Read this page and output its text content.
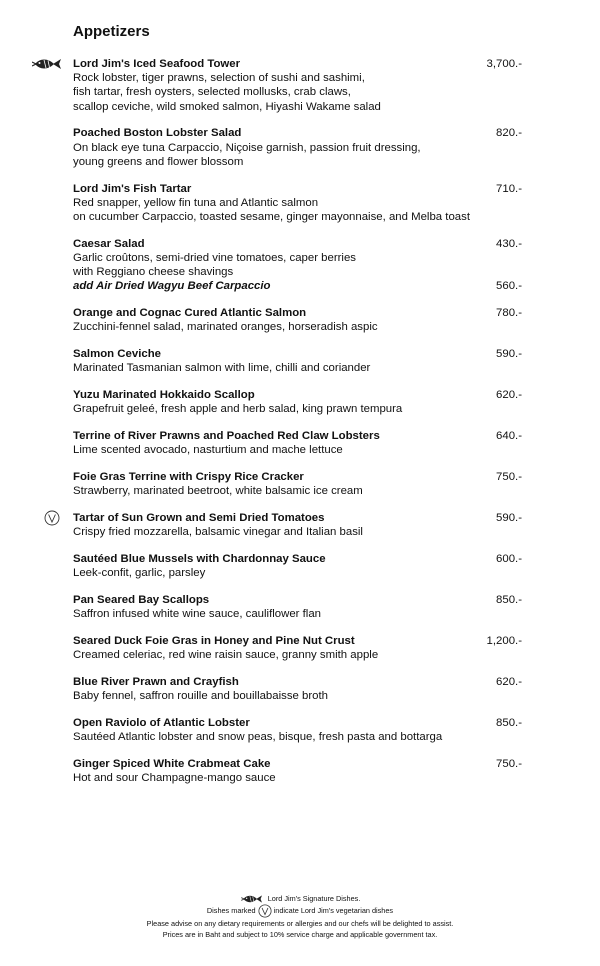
Appetizers
Lord Jim's Iced Seafood Tower	3,700.-
Rock lobster, tiger prawns, selection of sushi and sashimi,
fish tartar, fresh oysters, selected mollusks, crab claws,
scallop ceviche, wild smoked salmon, Hiyashi Wakame salad
Poached Boston Lobster Salad	820.-
On black eye tuna Carpaccio, Niçoise garnish, passion fruit dressing,
young greens and flower blossom
Lord Jim's Fish Tartar	710.-
Red snapper, yellow fin tuna and Atlantic salmon
on cucumber Carpaccio, toasted sesame, ginger mayonnaise, and Melba toast
Caesar Salad	430.-
Garlic croûtons, semi-dried vine tomatoes, caper berries
with Reggiano cheese shavings
add Air Dried Wagyu Beef Carpaccio	560.-
Orange and Cognac Cured Atlantic Salmon	780.-
Zucchini-fennel salad, marinated oranges, horseradish aspic
Salmon Ceviche	590.-
Marinated Tasmanian salmon with lime, chilli and coriander
Yuzu Marinated Hokkaido Scallop	620.-
Grapefruit geleé, fresh apple and herb salad, king prawn tempura
Terrine of River Prawns and Poached Red Claw Lobsters	640.-
Lime scented avocado, nasturtium and mache lettuce
Foie Gras Terrine with Crispy Rice Cracker	750.-
Strawberry, marinated beetroot, white balsamic ice cream
Tartar of Sun Grown and Semi Dried Tomatoes	590.-
Crispy fried mozzarella, balsamic vinegar and Italian basil
Sautéed Blue Mussels with Chardonnay Sauce	600.-
Leek-confit, garlic, parsley
Pan Seared Bay Scallops	850.-
Saffron infused white wine sauce, cauliflower flan
Seared Duck Foie Gras in Honey and Pine Nut Crust	1,200.-
Creamed celeriac, red wine raisin sauce, granny smith apple
Blue River Prawn and Crayfish	620.-
Baby fennel, saffron rouille and bouillabaisse broth
Open Raviolo of Atlantic Lobster	850.-
Sautéed Atlantic lobster and snow peas, bisque, fresh pasta and bottarga
Ginger Spiced White Crabmeat Cake	750.-
Hot and sour Champagne-mango sauce
Lord Jim's Signature Dishes.
Dishes marked indicate Lord Jim's vegetarian dishes
Please advise on any dietary requirements or allergies and our chefs will be delighted to assist.
Prices are in Baht and subject to 10% service charge and applicable government tax.
